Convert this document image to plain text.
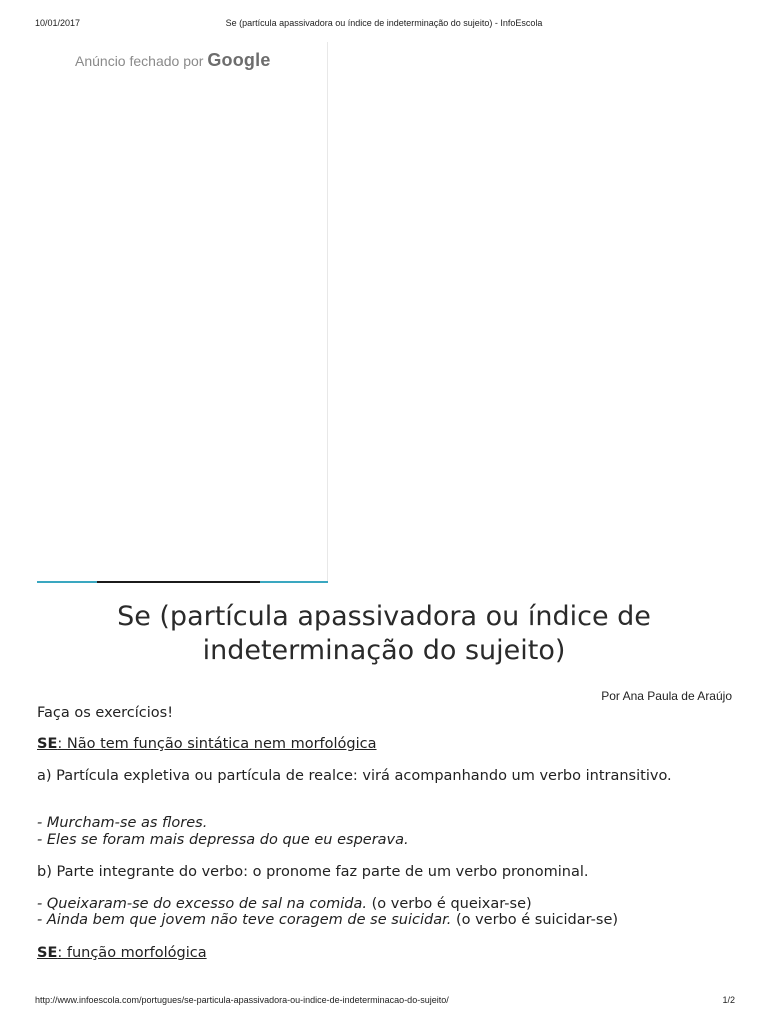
10/01/2017	Se (partícula apassivadora ou índice de indeterminação do sujeito) - InfoEscola
Anúncio fechado por Google
Se (partícula apassivadora ou índice de indeterminação do sujeito)
Por Ana Paula de Araújo
Faça os exercícios!
SE: Não tem função sintática nem morfológica
a) Partícula expletiva ou partícula de realce: virá acompanhando um verbo intransitivo.
- Murcham-se as flores.
- Eles se foram mais depressa do que eu esperava.
b) Parte integrante do verbo: o pronome faz parte de um verbo pronominal.
- Queixaram-se do excesso de sal na comida. (o verbo é queixar-se)
- Ainda bem que jovem não teve coragem de se suicidar. (o verbo é suicidar-se)
SE: função morfológica
http://www.infoescola.com/portugues/se-particula-apassivadora-ou-indice-de-indeterminacao-do-sujeito/	1/2
